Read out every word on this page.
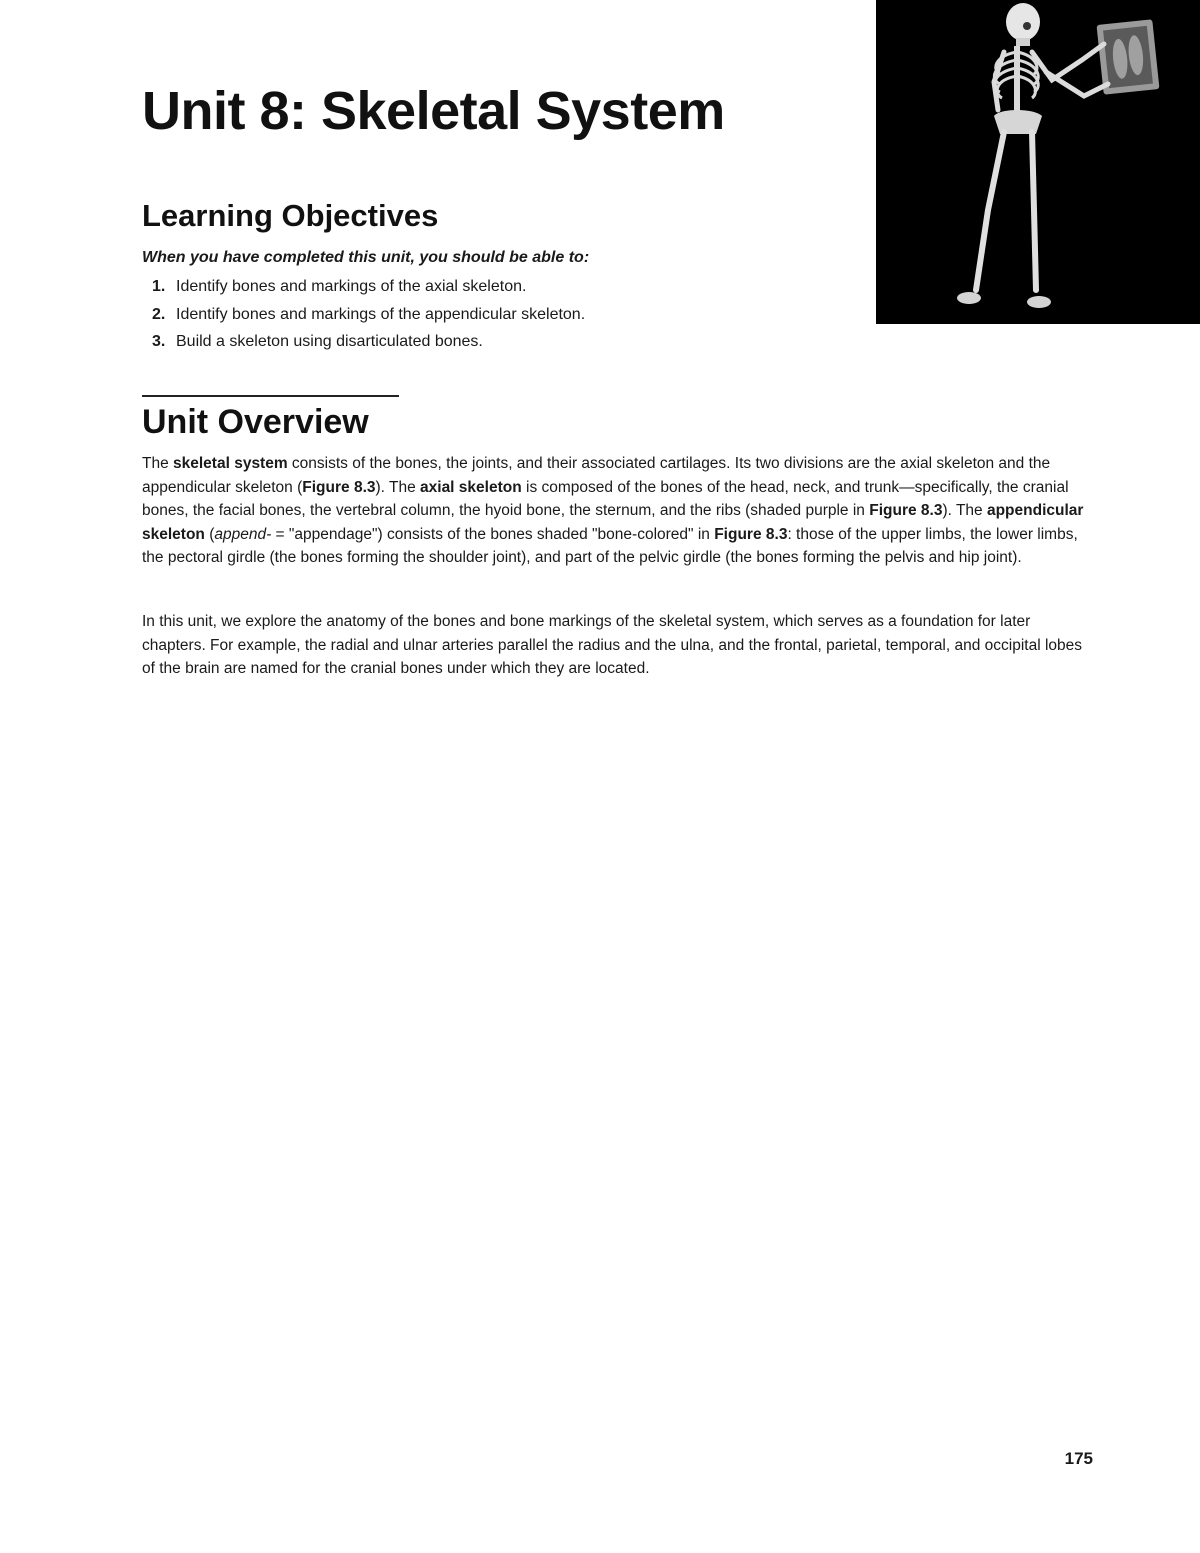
Unit 8: Skeletal System
Learning Objectives

When you have completed this unit, you should be able to:

1. Identify bones and markings of the axial skeleton.
2. Identify bones and markings of the appendicular skeleton.
3. Build a skeleton using disarticulated bones.
Unit Overview

The skeletal system consists of the bones, the joints, and their associated cartilages. Its two divisions are the axial skeleton and the appendicular skeleton (Figure 8.3). The axial skeleton is composed of the bones of the head, neck, and trunk—specifically, the cranial bones, the facial bones, the vertebral column, the hyoid bone, the sternum, and the ribs (shaded purple in Figure 8.3). The appendicular skeleton (append- = "appendage") consists of the bones shaded "bone-colored" in Figure 8.3: those of the upper limbs, the lower limbs, the pectoral girdle (the bones forming the shoulder joint), and part of the pelvic girdle (the bones forming the pelvis and hip joint).

In this unit, we explore the anatomy of the bones and bone markings of the skeletal system, which serves as a foundation for later chapters. For example, the radial and ulnar arteries parallel the radius and the ulna, and the frontal, parietal, temporal, and occipital lobes of the brain are named for the cranial bones under which they are located.

175
